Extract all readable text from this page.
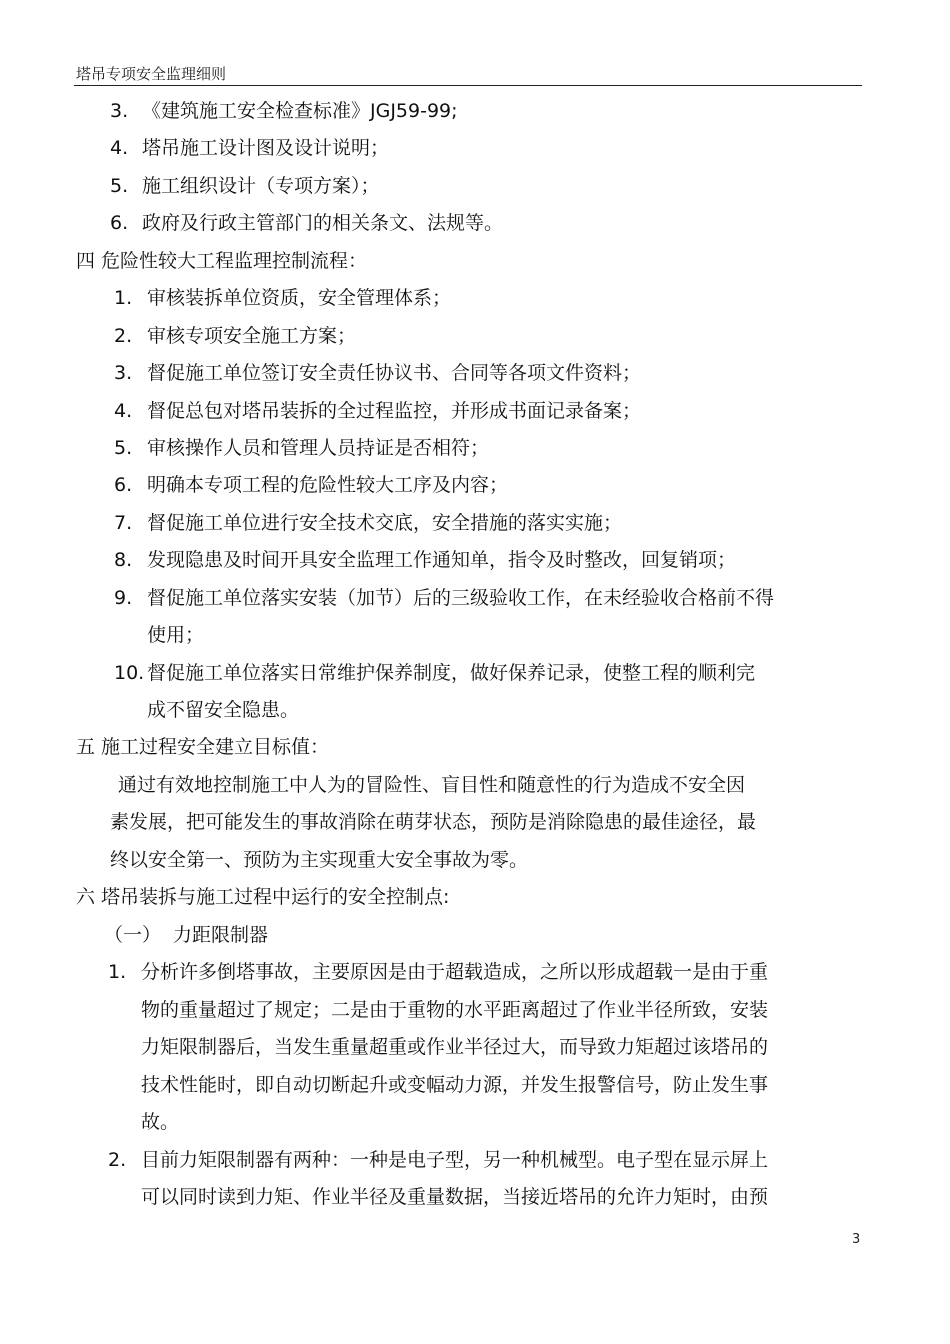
塔吊专项安全监理细则
3. 《建筑施工安全检查标准》JGJ59-99;
4. 塔吊施工设计图及设计说明；
5. 施工组织设计（专项方案）；
6. 政府及行政主管部门的相关条文、法规等。
四 危险性较大工程监理控制流程：
1. 审核装拆单位资质，安全管理体系；
2. 审核专项安全施工方案；
3. 督促施工单位签订安全责任协议书、合同等各项文件资料；
4. 督促总包对塔吊装拆的全过程监控，并形成书面记录备案；
5. 审核操作人员和管理人员持证是否相符；
6. 明确本专项工程的危险性较大工序及内容；
7. 督促施工单位进行安全技术交底，安全措施的落实实施；
8. 发现隐患及时间开具安全监理工作通知单，指令及时整改，回复销项；
9. 督促施工单位落实安装（加节）后的三级验收工作，在未经验收合格前不得
使用；
10. 督促施工单位落实日常维护保养制度，做好保养记录，使整工程的顺利完
成不留安全隐患。
五 施工过程安全建立目标值：
通过有效地控制施工中人为的冒险性、盲目性和随意性的行为造成不安全因
素发展，把可能发生的事故消除在萌芽状态，预防是消除隐患的最佳途径，最
终以安全第一、预防为主实现重大安全事故为零。
六 塔吊装拆与施工过程中运行的安全控制点:
（一） 力距限制器
1. 分析许多倒塔事故，主要原因是由于超载造成，之所以形成超载一是由于重
物的重量超过了规定；二是由于重物的水平距离超过了作业半径所致，安装
力矩限制器后，当发生重量超重或作业半径过大，而导致力矩超过该塔吊的
技术性能时，即自动切断起升或变幅动力源，并发生报警信号，防止发生事
故。
2. 目前力矩限制器有两种：一种是电子型，另一种机械型。电子型在显示屏上
可以同时读到力矩、作业半径及重量数据，当接近塔吊的允许力矩时，由预
3
